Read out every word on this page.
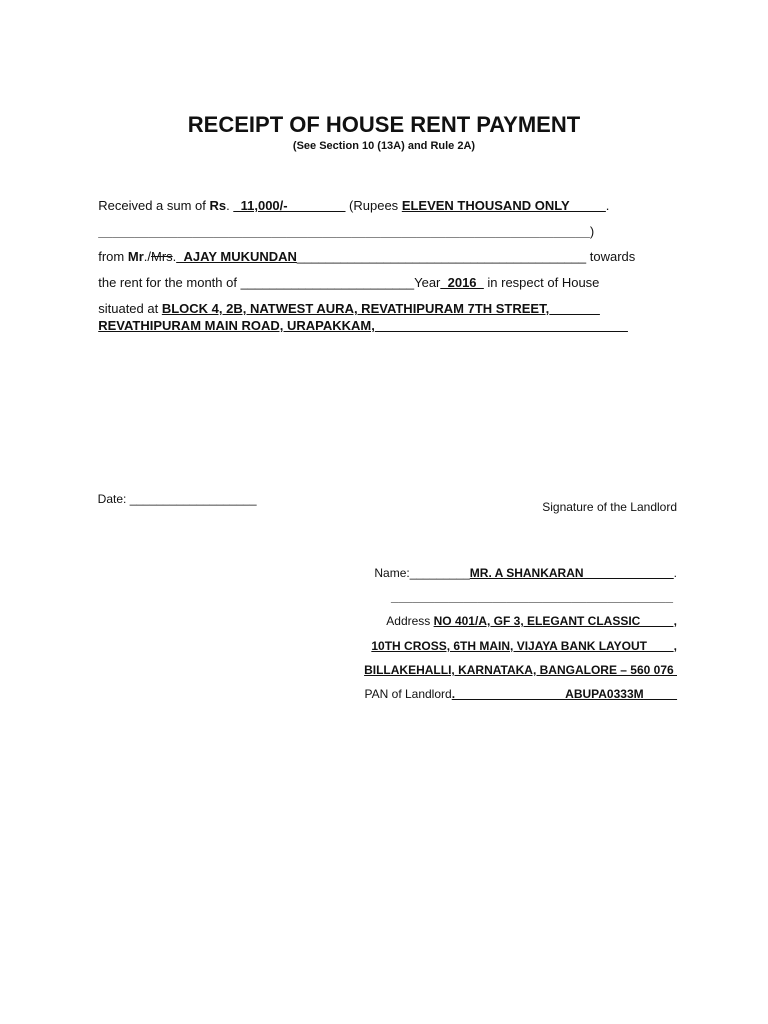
RECEIPT OF HOUSE RENT PAYMENT
(See Section 10 (13A) and Rule 2A)

Received a sum of Rs. _11,000/-________ (Rupees ELEVEN THOUSAND ONLY_____.

____________________________________________________________________)

from Mr./Mrs._AJAY MUKUNDAN________________________________________ towards

the rent for the month of ________________________Year_2016_ in respect of House

situated at BLOCK 4, 2B, NATWEST AURA, REVATHIPURAM 7TH STREET,_______

REVATHIPURAM MAIN ROAD, URAPAKKAM,___________________________________

Date: ___________________

Signature of the Landlord

Name:_________MR. A SHANKARAN _____________.

_______________________________________

Address NO 401/A, GF 3, ELEGANT CLASSIC          ,

10TH CROSS, 6TH MAIN, VIJAYA BANK LAYOUT____,

BILLAKEHALLI, KARNATAKA, BANGALORE – 560 076

PAN of Landlord.___________ _____ABUPA0333M_____
